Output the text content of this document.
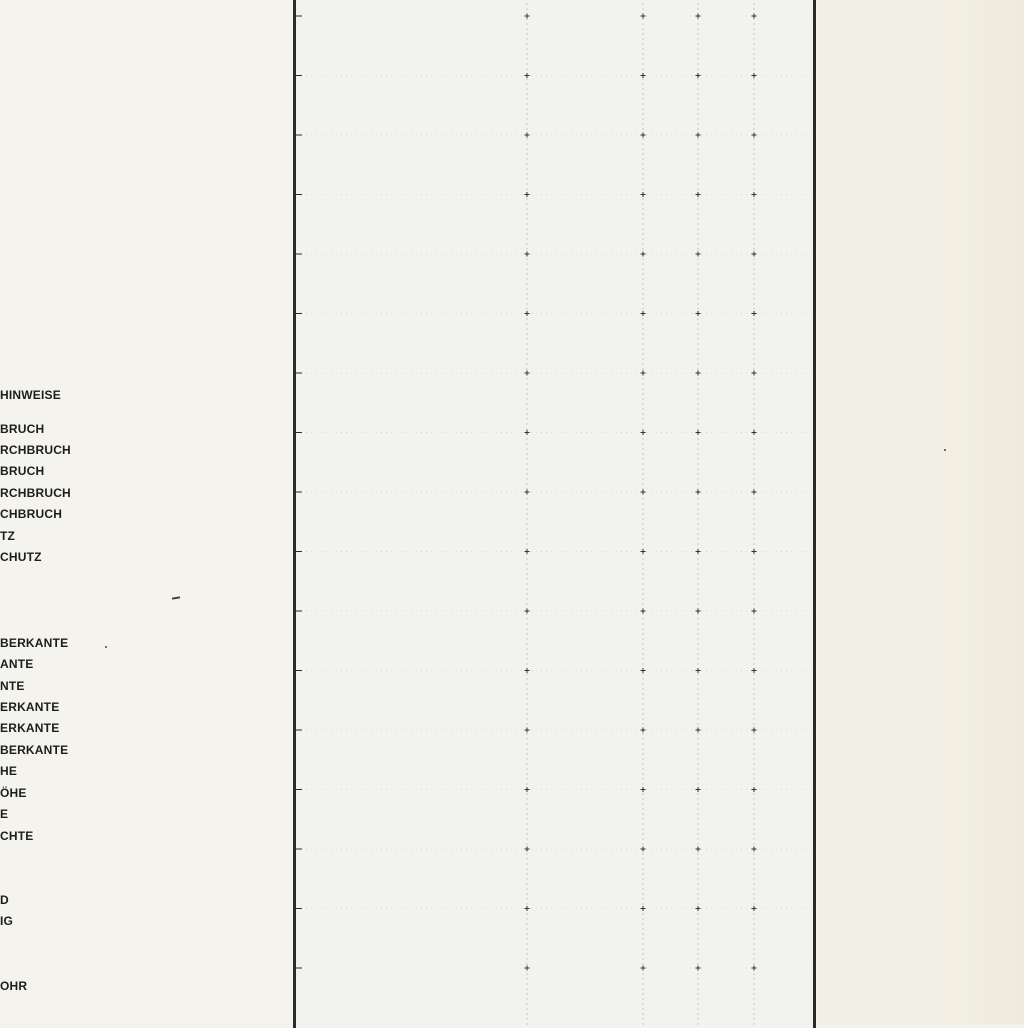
HINWEISE

BRUCH

RCHBRUCH

BRUCH

RCHBRUCH

CHBRUCH

TZ

CHUTZ

BERKANTE

ANTE

NTE

ERKANTE

ERKANTE

BERKANTE

HE

ÖHE

E

CHTE

D

IG

OHR
